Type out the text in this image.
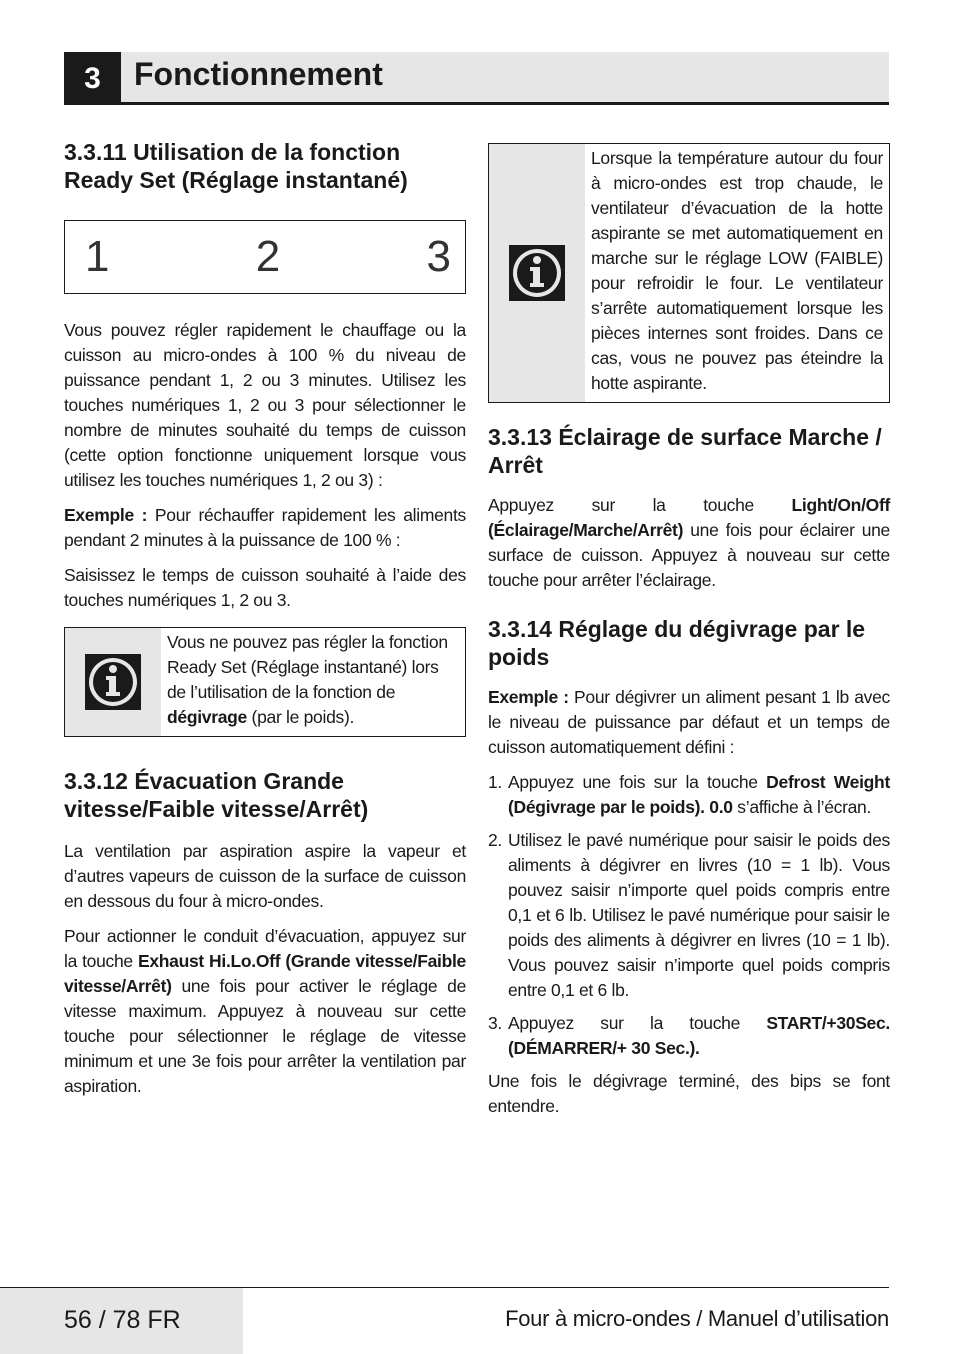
3	Fonctionnement
3.3.11 Utilisation de la fonction Ready Set (Réglage instantané)
1	2	3

Vous pouvez régler rapidement le chauffage ou la cuisson au micro-ondes à 100 % du niveau de puissance pendant 1, 2 ou 3 minutes. Utilisez les touches numériques 1, 2 ou 3 pour sélectionner le nombre de minutes souhaité du temps de cuisson (cette option fonctionne uniquement lorsque vous utilisez les touches numériques 1, 2 ou 3) :

Exemple : Pour réchauffer rapidement les aliments pendant 2 minutes à la puissance de 100 % :

Saisissez le temps de cuisson souhaité à l’aide des touches numériques 1, 2 ou 3.

Vous ne pouvez pas régler la fonction Ready Set (Réglage instantané) lors de l’utilisation de la fonction de dégivrage (par le poids).
3.3.12 Évacuation Grande vitesse/Faible vitesse/Arrêt)

La ventilation par aspiration aspire la vapeur et d’autres vapeurs de cuisson de la surface de cuisson en dessous du four à micro-ondes.

Pour actionner le conduit d’évacuation, appuyez sur la touche Exhaust Hi.Lo.Off (Grande vitesse/Faible vitesse/Arrêt) une fois pour activer le réglage de vitesse maximum. Appuyez à nouveau sur cette touche pour sélectionner le réglage de vitesse minimum et une 3e fois pour arrêter la ventilation par aspiration.

Lorsque la température autour du four à micro-ondes est trop chaude, le ventilateur d’évacuation de la hotte aspirante se met automatiquement en marche sur le réglage LOW (FAIBLE) pour refroidir le four. Le ventilateur s’arrête automatiquement lorsque les pièces internes sont froides. Dans ce cas, vous ne pouvez pas éteindre la hotte aspirante.
3.3.13 Éclairage de surface Marche / Arrêt

Appuyez sur la touche Light/On/Off (Éclairage/Marche/Arrêt) une fois pour éclairer une surface de cuisson. Appuyez à nouveau sur cette touche pour arrêter l’éclairage.

3.3.14 Réglage du dégivrage par le poids

Exemple : Pour dégivrer un aliment pesant 1 lb avec le niveau de puissance par défaut et un temps de cuisson automatiquement défini :

1. Appuyez une fois sur la touche Defrost Weight (Dégivrage par le poids). 0.0 s’affiche à l’écran.
2. Utilisez le pavé numérique pour saisir le poids des aliments à dégivrer en livres (10 = 1 lb). Vous pouvez saisir n’importe quel poids compris entre 0,1 et 6 lb. Utilisez le pavé numérique pour saisir le poids des aliments à dégivrer en livres (10 = 1 lb). Vous pouvez saisir n’importe quel poids compris entre 0,1 et 6 lb.
3. Appuyez sur la touche START/+30Sec. (DÉMARRER/+ 30 Sec.).

Une fois le dégivrage terminé, des bips se font entendre.

56 / 78 FR	Four à micro-ondes / Manuel d’utilisation
